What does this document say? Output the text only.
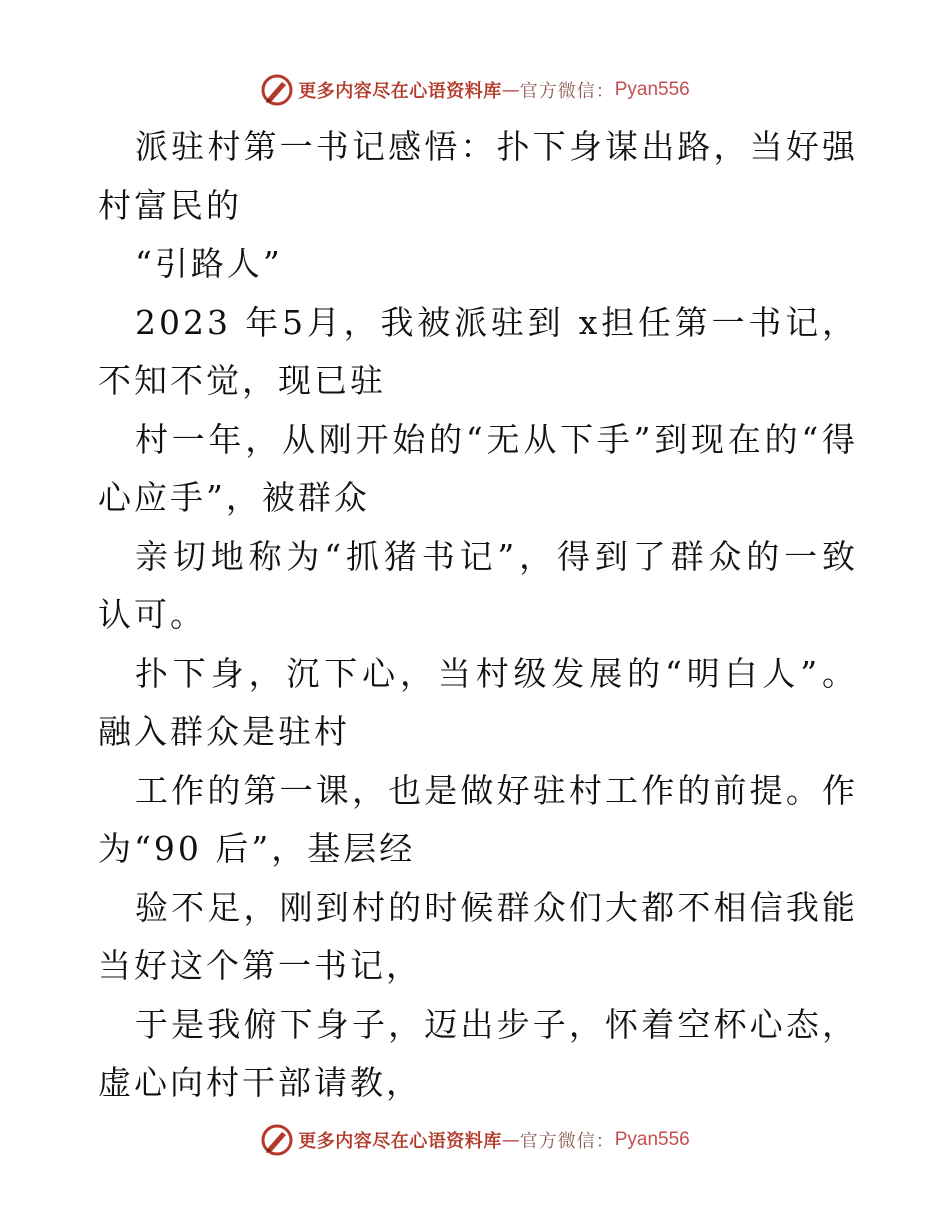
更多内容尽在心语资料库 — 官方微信： Pyan556

派驻村第一书记感悟：扑下身谋出路，当好强村富民的

“引路人”

2023 年5月，我被派驻到 x担任第一书记，不知不觉，现已驻

村一年，从刚开始的“无从下手”到现在的“得心应手”，被群众

亲切地称为“抓猪书记”，得到了群众的一致认可。

扑下身，沉下心，当村级发展的“明白人”。融入群众是驻村

工作的第一课，也是做好驻村工作的前提。作为“90 后”，基层经

验不足，刚到村的时候群众们大都不相信我能当好这个第一书记，

于是我俯下身子，迈出步子，怀着空杯心态，虚心向村干部请教，

更多内容尽在心语资料库 — 官方微信： Pyan556
